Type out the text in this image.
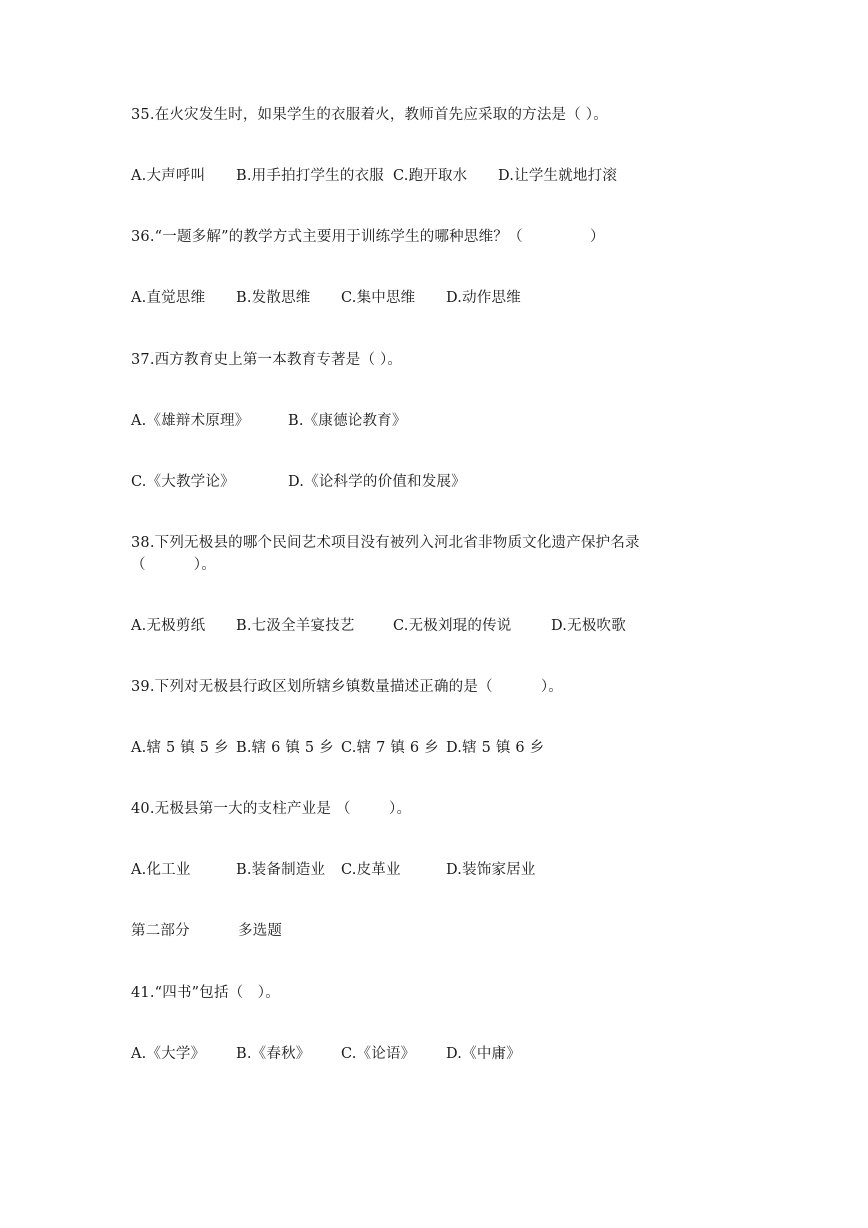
35.在火灾发生时，如果学生的衣服着火，教师首先应采取的方法是（ ）。
A.大声呼叫 B.用手拍打学生的衣服 C.跑开取水 D.让学生就地打滚
36.“一题多解”的教学方式主要用于训练学生的哪种思维？（              ）
A.直觉思维 B.发散思维 C.集中思维 D.动作思维
37.西方教育史上第一本教育专著是（ ）。
A.《雄辩术原理》	B.《康德论教育》
C.《大教学论》	D.《论科学的价值和发展》
38.下列无极县的哪个民间艺术项目没有被列入河北省非物质文化遗产保护名录
（          ）。
A.无极剪纸 B.七汲全羊宴技艺	C.无极刘琨的传说	D.无极吹歌
39.下列对无极县行政区划所辖乡镇数量描述正确的是（          ）。
A.辖 5 镇 5 乡 B.辖 6 镇 5 乡 C.辖 7 镇 6 乡 D.辖 5 镇 6 乡
40.无极县第一大的支柱产业是 （        ）。
A.化工业	B.装备制造业 C.皮革业	D.装饰家居业
第二部分	多选题
41.“四书”包括（   ）。
A.《大学》 B.《春秋》 C.《论语》 D.《中庸》
